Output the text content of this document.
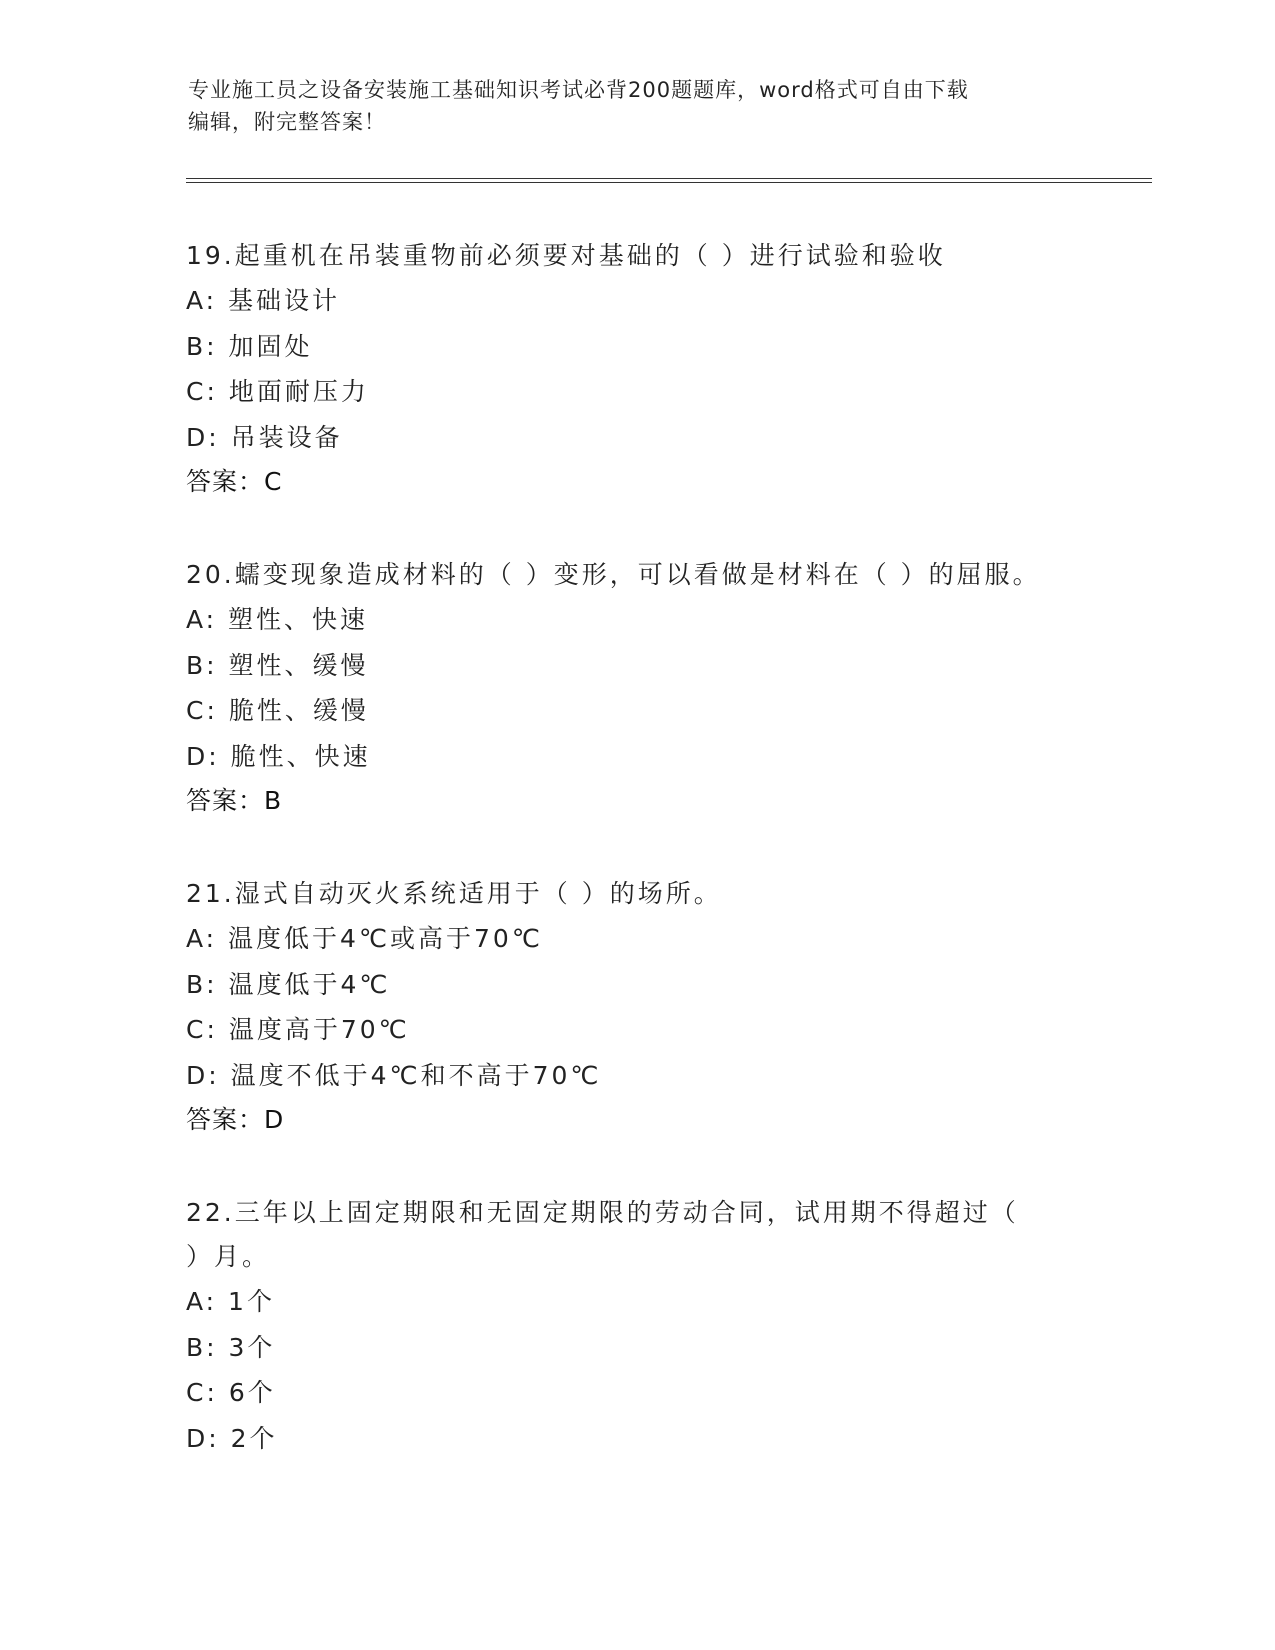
专业施工员之设备安装施工基础知识考试必背200题题库，word格式可自由下载
编辑，附完整答案！

19.起重机在吊装重物前必须要对基础的（ ）进行试验和验收

A: 基础设计

B: 加固处

C: 地面耐压力

D: 吊装设备

答案：C

20.蠕变现象造成材料的（ ）变形，可以看做是材料在（ ）的屈服。

A: 塑性、快速

B: 塑性、缓慢

C: 脆性、缓慢

D: 脆性、快速

答案：B

21.湿式自动灭火系统适用于（ ）的场所。

A: 温度低于4℃或高于70℃

B: 温度低于4℃

C: 温度高于70℃

D: 温度不低于4℃和不高于70℃

答案：D

22.三年以上固定期限和无固定期限的劳动合同，试用期不得超过（

）月。

A: 1个

B: 3个

C: 6个

D: 2个
